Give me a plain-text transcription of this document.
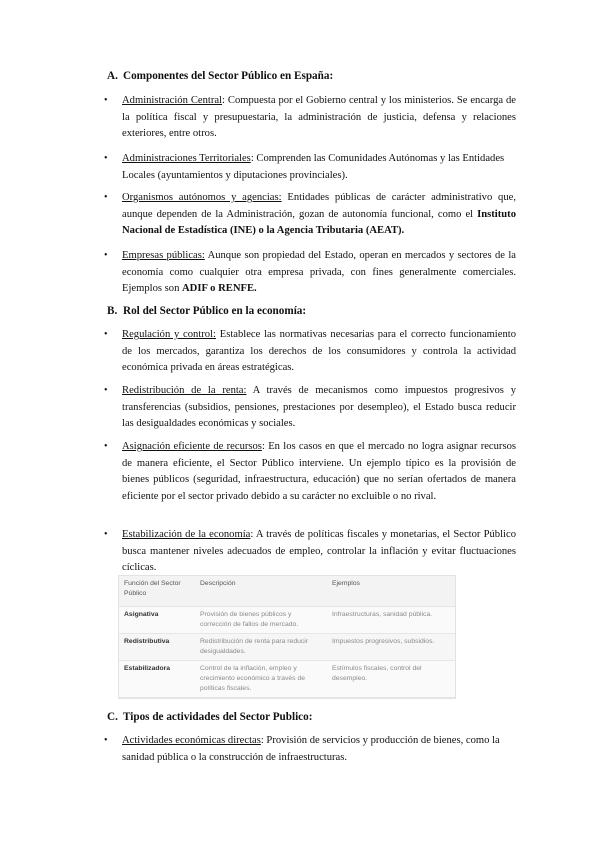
A. Componentes del Sector Público en España:
• Administración Central: Compuesta por el Gobierno central y los ministerios. Se encarga de la política fiscal y presupuestaria, la administración de justicia, defensa y relaciones exteriores, entre otros.
• Administraciones Territoriales: Comprenden las Comunidades Autónomas y las Entidades Locales (ayuntamientos y diputaciones provinciales).
• Organismos autónomos y agencias: Entidades públicas de carácter administrativo que, aunque dependen de la Administración, gozan de autonomía funcional, como el Instituto Nacional de Estadística (INE) o la Agencia Tributaria (AEAT).
• Empresas públicas: Aunque son propiedad del Estado, operan en mercados y sectores de la economía como cualquier otra empresa privada, con fines generalmente comerciales. Ejemplos son ADIF o RENFE.
B. Rol del Sector Público en la economía:
• Regulación y control: Establece las normativas necesarias para el correcto funcionamiento de los mercados, garantiza los derechos de los consumidores y controla la actividad económica privada en áreas estratégicas.
• Redistribución de la renta: A través de mecanismos como impuestos progresivos y transferencias (subsidios, pensiones, prestaciones por desempleo), el Estado busca reducir las desigualdades económicas y sociales.
• Asignación eficiente de recursos: En los casos en que el mercado no logra asignar recursos de manera eficiente, el Sector Público interviene. Un ejemplo típico es la provisión de bienes públicos (seguridad, infraestructura, educación) que no serían ofertados de manera eficiente por el sector privado debido a su carácter no excluible o no rival.
• Estabilización de la economía: A través de políticas fiscales y monetarias, el Sector Público busca mantener niveles adecuados de empleo, controlar la inflación y evitar fluctuaciones cíclicas.
Función del Sector Público	Descripción	Ejemplos
Asignativa	Provisión de bienes públicos y corrección de fallos de mercado.	Infraestructuras, sanidad pública.
Redistributiva	Redistribución de renta para reducir desigualdades.	Impuestos progresivos, subsidios.
Estabilizadora	Control de la inflación, empleo y crecimiento económico a través de políticas fiscales.	Estímulos fiscales, control del desempleo.
C. Tipos de actividades del Sector Publico:
• Actividades económicas directas: Provisión de servicios y producción de bienes, como la sanidad pública o la construcción de infraestructuras.
